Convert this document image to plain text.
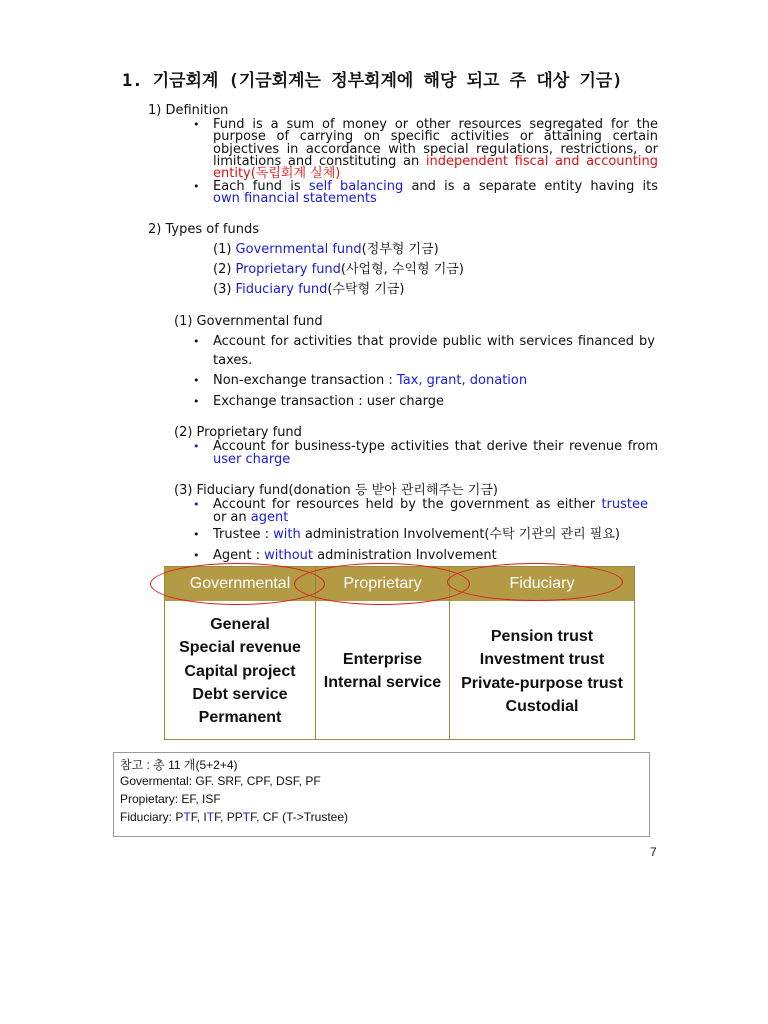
1. 기금회계 (기금회계는 정부회계에 해당 되고 주 대상 기금)
1) Definition
• Fund is a sum of money or other resources segregated for the
purpose of carrying on specific activities or attaining certain
objectives in accordance with special regulations, restrictions, or
limitations and constituting an independent fiscal and accounting
entity(독립회계 실체)
• Each fund is self balancing and is a separate entity having its
own financial statements
2) Types of funds
(1) Governmental fund(정부형 기금)
(2) Proprietary fund(사업형, 수익형 기금)
(3) Fiduciary fund(수탁형 기금)
(1) Governmental fund
• Account for activities that provide public with services financed by
taxes.
• Non-exchange transaction : Tax, grant, donation
• Exchange transaction : user charge
(2) Proprietary fund
• Account for business-type activities that derive their revenue from
user charge
(3) Fiduciary fund(donation 등 받아 관리해주는 기금)
• Account for resources held by the government as either trustee
or an agent
• Trustee : with administration Involvement(수탁 기관의 관리 필요)
• Agent : without administration Involvement
Governmental	Proprietary	Fiduciary
General
Special revenue
Capital project
Debt service
Permanent
Enterprise
Internal service
Pension trust
Investment trust
Private-purpose trust
Custodial
참고 : 총 11 개(5+2+4)
Govermental: GF. SRF, CPF, DSF, PF
Propietary: EF, ISF
Fiduciary: PTF, ITF, PPTF, CF (T->Trustee)
7
